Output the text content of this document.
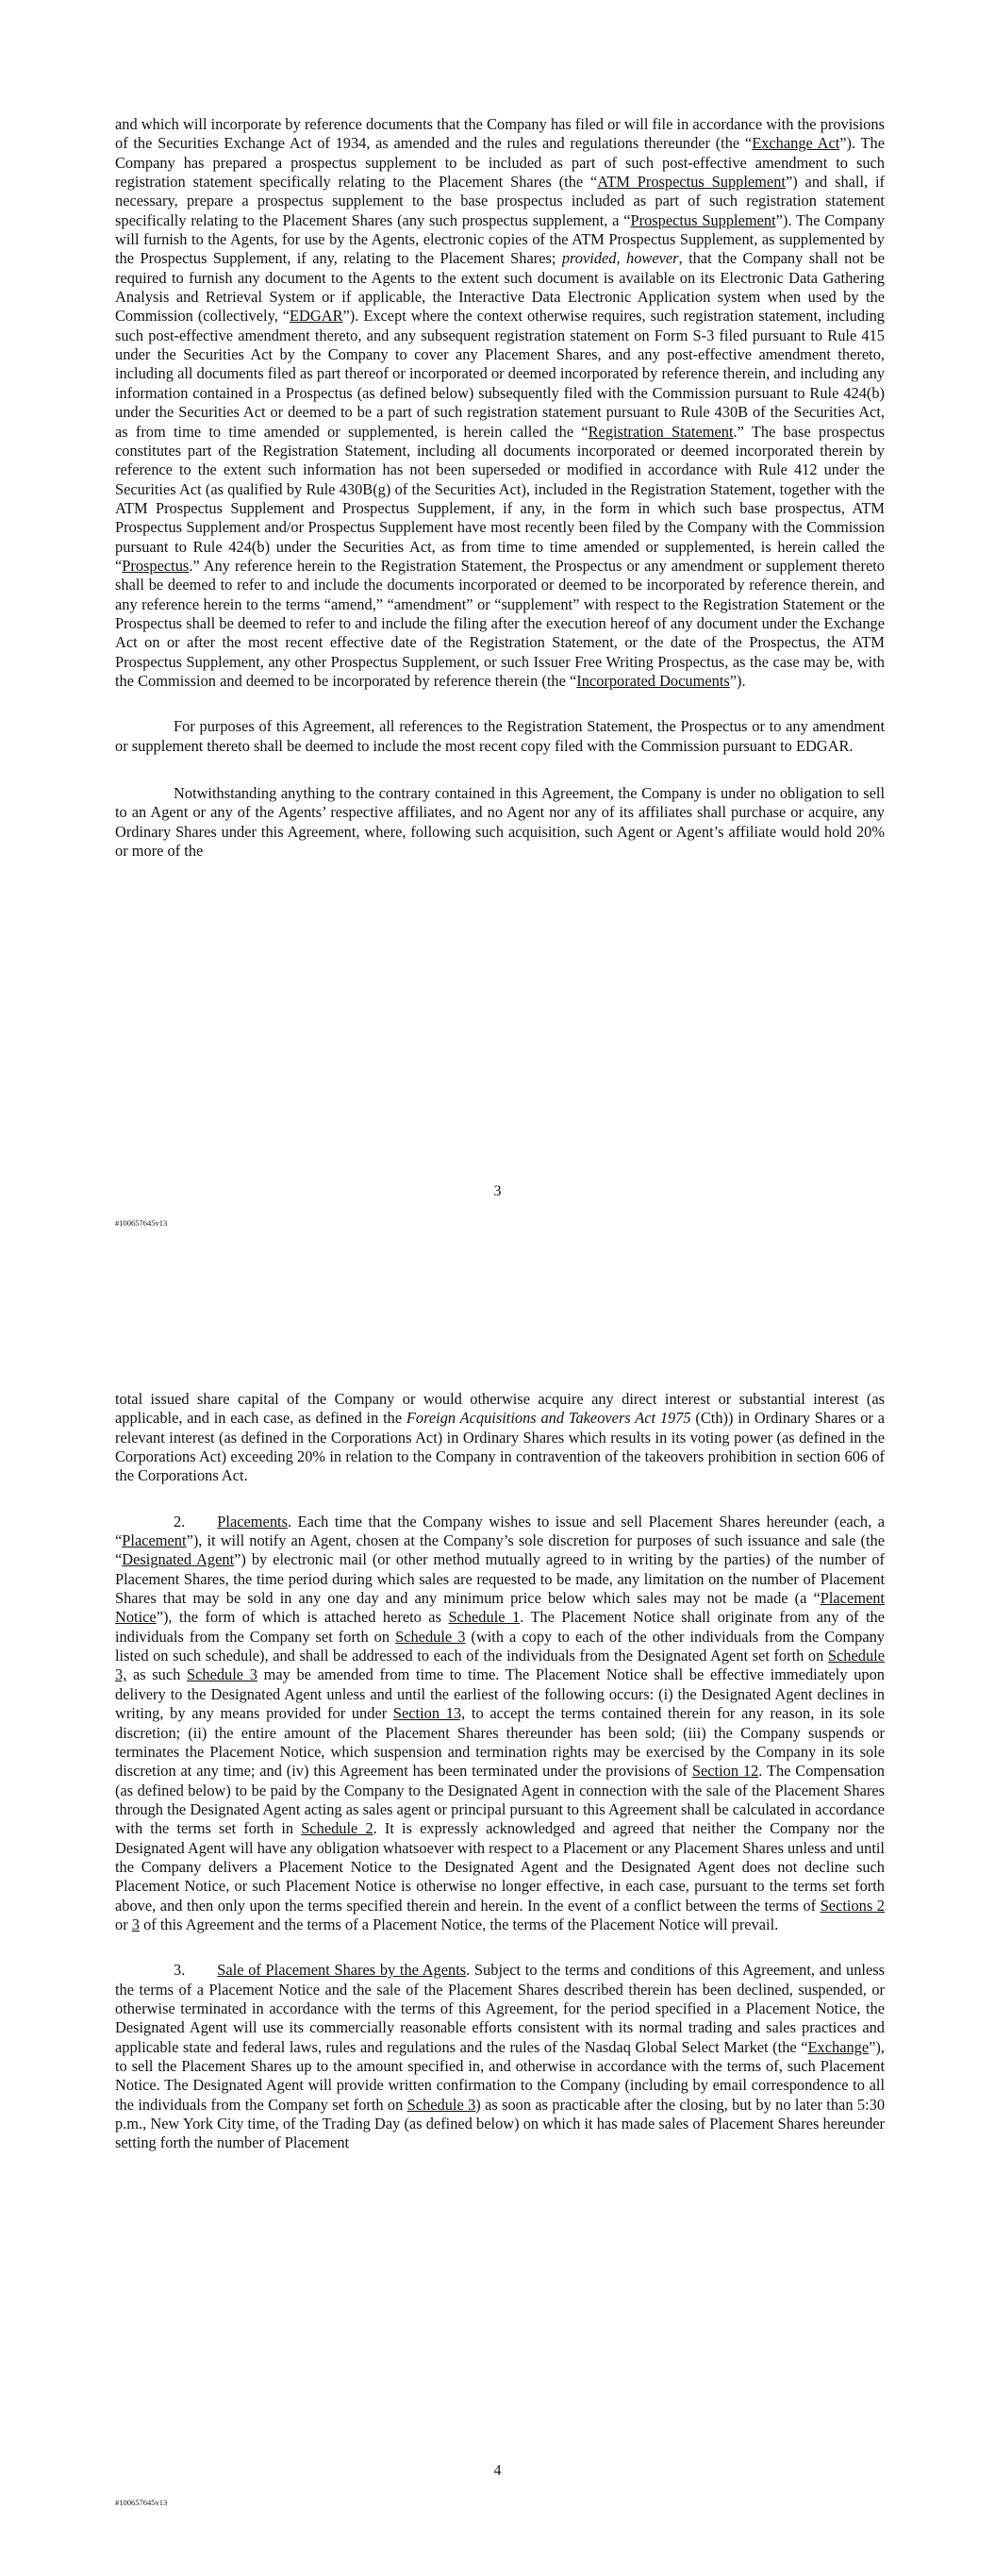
and which will incorporate by reference documents that the Company has filed or will file in accordance with the provisions of the Securities Exchange Act of 1934, as amended and the rules and regulations thereunder (the “Exchange Act”). The Company has prepared a prospectus supplement to be included as part of such post-effective amendment to such registration statement specifically relating to the Placement Shares (the “ATM Prospectus Supplement”) and shall, if necessary, prepare a prospectus supplement to the base prospectus included as part of such registration statement specifically relating to the Placement Shares (any such prospectus supplement, a “Prospectus Supplement”). The Company will furnish to the Agents, for use by the Agents, electronic copies of the ATM Prospectus Supplement, as supplemented by the Prospectus Supplement, if any, relating to the Placement Shares; provided, however, that the Company shall not be required to furnish any document to the Agents to the extent such document is available on its Electronic Data Gathering Analysis and Retrieval System or if applicable, the Interactive Data Electronic Application system when used by the Commission (collectively, “EDGAR”). Except where the context otherwise requires, such registration statement, including such post-effective amendment thereto, and any subsequent registration statement on Form S-3 filed pursuant to Rule 415 under the Securities Act by the Company to cover any Placement Shares, and any post-effective amendment thereto, including all documents filed as part thereof or incorporated or deemed incorporated by reference therein, and including any information contained in a Prospectus (as defined below) subsequently filed with the Commission pursuant to Rule 424(b) under the Securities Act or deemed to be a part of such registration statement pursuant to Rule 430B of the Securities Act, as from time to time amended or supplemented, is herein called the “Registration Statement.” The base prospectus constitutes part of the Registration Statement, including all documents incorporated or deemed incorporated therein by reference to the extent such information has not been superseded or modified in accordance with Rule 412 under the Securities Act (as qualified by Rule 430B(g) of the Securities Act), included in the Registration Statement, together with the ATM Prospectus Supplement and Prospectus Supplement, if any, in the form in which such base prospectus, ATM Prospectus Supplement and/or Prospectus Supplement have most recently been filed by the Company with the Commission pursuant to Rule 424(b) under the Securities Act, as from time to time amended or supplemented, is herein called the “Prospectus.” Any reference herein to the Registration Statement, the Prospectus or any amendment or supplement thereto shall be deemed to refer to and include the documents incorporated or deemed to be incorporated by reference therein, and any reference herein to the terms “amend,” “amendment” or “supplement” with respect to the Registration Statement or the Prospectus shall be deemed to refer to and include the filing after the execution hereof of any document under the Exchange Act on or after the most recent effective date of the Registration Statement, or the date of the Prospectus, the ATM Prospectus Supplement, any other Prospectus Supplement, or such Issuer Free Writing Prospectus, as the case may be, with the Commission and deemed to be incorporated by reference therein (the “Incorporated Documents”).

For purposes of this Agreement, all references to the Registration Statement, the Prospectus or to any amendment or supplement thereto shall be deemed to include the most recent copy filed with the Commission pursuant to EDGAR.

Notwithstanding anything to the contrary contained in this Agreement, the Company is under no obligation to sell to an Agent or any of the Agents’ respective affiliates, and no Agent nor any of its affiliates shall purchase or acquire, any Ordinary Shares under this Agreement, where, following such acquisition, such Agent or Agent’s affiliate would hold 20% or more of the

3
#100657645v13

total issued share capital of the Company or would otherwise acquire any direct interest or substantial interest (as applicable, and in each case, as defined in the Foreign Acquisitions and Takeovers Act 1975 (Cth)) in Ordinary Shares or a relevant interest (as defined in the Corporations Act) in Ordinary Shares which results in its voting power (as defined in the Corporations Act) exceeding 20% in relation to the Company in contravention of the takeovers prohibition in section 606 of the Corporations Act.

2. Placements. Each time that the Company wishes to issue and sell Placement Shares hereunder (each, a “Placement”), it will notify an Agent, chosen at the Company’s sole discretion for purposes of such issuance and sale (the “Designated Agent”) by electronic mail (or other method mutually agreed to in writing by the parties) of the number of Placement Shares, the time period during which sales are requested to be made, any limitation on the number of Placement Shares that may be sold in any one day and any minimum price below which sales may not be made (a “Placement Notice”), the form of which is attached hereto as Schedule 1. The Placement Notice shall originate from any of the individuals from the Company set forth on Schedule 3 (with a copy to each of the other individuals from the Company listed on such schedule), and shall be addressed to each of the individuals from the Designated Agent set forth on Schedule 3, as such Schedule 3 may be amended from time to time. The Placement Notice shall be effective immediately upon delivery to the Designated Agent unless and until the earliest of the following occurs: (i) the Designated Agent declines in writing, by any means provided for under Section 13, to accept the terms contained therein for any reason, in its sole discretion; (ii) the entire amount of the Placement Shares thereunder has been sold; (iii) the Company suspends or terminates the Placement Notice, which suspension and termination rights may be exercised by the Company in its sole discretion at any time; and (iv) this Agreement has been terminated under the provisions of Section 12. The Compensation (as defined below) to be paid by the Company to the Designated Agent in connection with the sale of the Placement Shares through the Designated Agent acting as sales agent or principal pursuant to this Agreement shall be calculated in accordance with the terms set forth in Schedule 2. It is expressly acknowledged and agreed that neither the Company nor the Designated Agent will have any obligation whatsoever with respect to a Placement or any Placement Shares unless and until the Company delivers a Placement Notice to the Designated Agent and the Designated Agent does not decline such Placement Notice, or such Placement Notice is otherwise no longer effective, in each case, pursuant to the terms set forth above, and then only upon the terms specified therein and herein. In the event of a conflict between the terms of Sections 2 or 3 of this Agreement and the terms of a Placement Notice, the terms of the Placement Notice will prevail.

3. Sale of Placement Shares by the Agents. Subject to the terms and conditions of this Agreement, and unless the terms of a Placement Notice and the sale of the Placement Shares described therein has been declined, suspended, or otherwise terminated in accordance with the terms of this Agreement, for the period specified in a Placement Notice, the Designated Agent will use its commercially reasonable efforts consistent with its normal trading and sales practices and applicable state and federal laws, rules and regulations and the rules of the Nasdaq Global Select Market (the “Exchange”), to sell the Placement Shares up to the amount specified in, and otherwise in accordance with the terms of, such Placement Notice. The Designated Agent will provide written confirmation to the Company (including by email correspondence to all the individuals from the Company set forth on Schedule 3) as soon as practicable after the closing, but by no later than 5:30 p.m., New York City time, of the Trading Day (as defined below) on which it has made sales of Placement Shares hereunder setting forth the number of Placement

4
#100657645v13
